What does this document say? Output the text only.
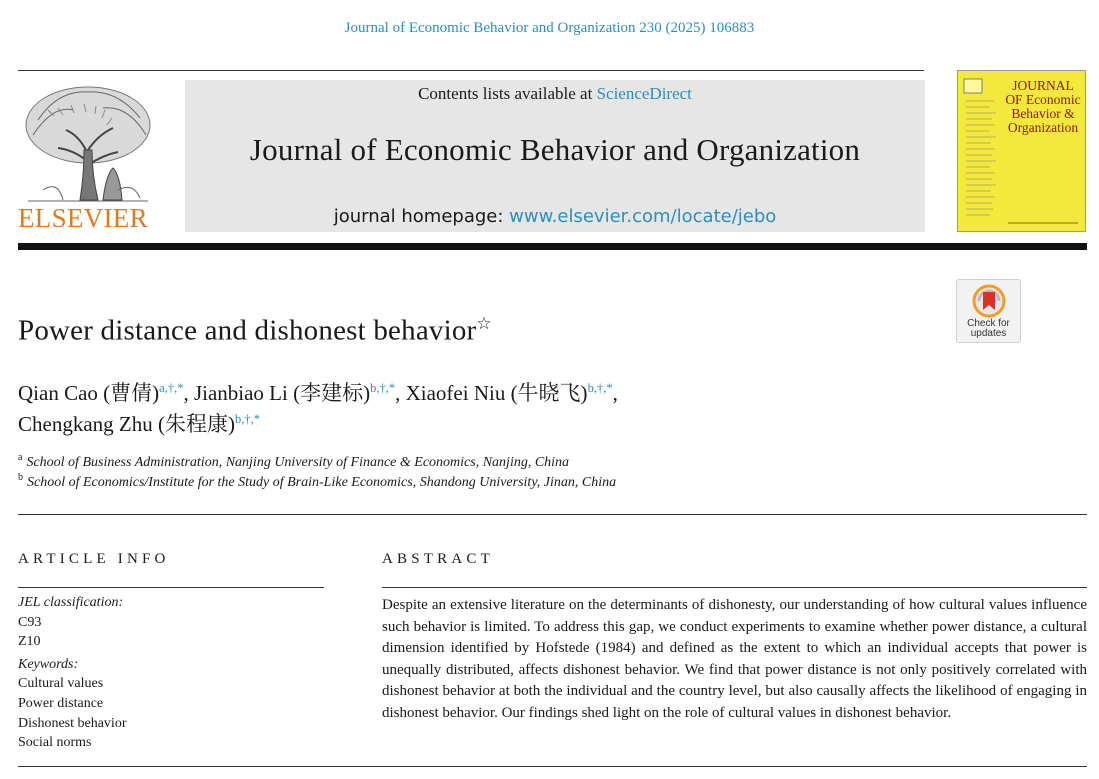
Journal of Economic Behavior and Organization 230 (2025) 106883
ELSEVIER
Contents lists available at ScienceDirect
Journal of Economic Behavior and Organization
journal homepage: www.elsevier.com/locate/jebo
JOURNAL OF Economic Behavior & Organization
Check for updates
Power distance and dishonest behavior☆
Qian Cao (曹倩)$^{a,\dagger,*}$, Jianbiao Li (李建标)$^{b,\dagger,*}$, Xiaofei Niu (牛晓飞)$^{b,\dagger,*}$,
Chengkang Zhu (朱程康)$^{b,\dagger,*}$
$^a$ School of Business Administration, Nanjing University of Finance & Economics, Nanjing, China
$^b$ School of Economics/Institute for the Study of Brain-Like Economics, Shandong University, Jinan, China
ARTICLE INFO
JEL classification:
C93
Z10
Keywords:
Cultural values
Power distance
Dishonest behavior
Social norms
ABSTRACT
Despite an extensive literature on the determinants of dishonesty, our understanding of how cultural values influence such behavior is limited. To address this gap, we conduct experiments to examine whether power distance, a cultural dimension identified by Hofstede (1984) and defined as the extent to which an individual accepts that power is unequally distributed, affects dishonest behavior. We find that power distance is not only positively correlated with dishonest behavior at both the individual and the country level, but also causally affects the likelihood of engaging in dishonest behavior. Our findings shed light on the role of cultural values in dishonest behavior.
